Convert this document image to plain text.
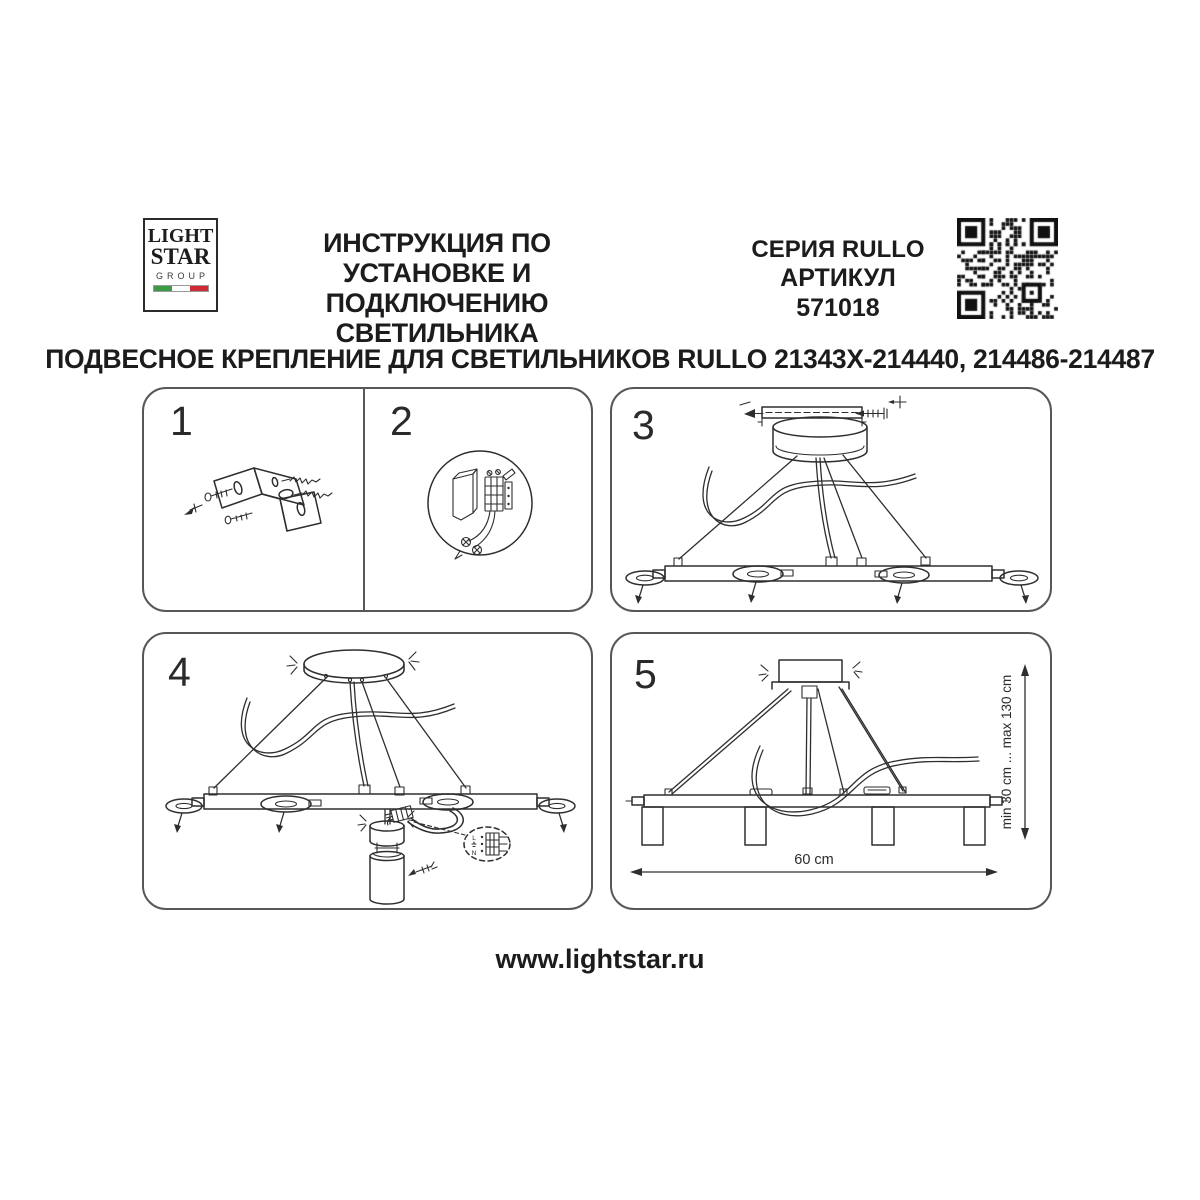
LIGHT
STAR
GROUP
ИНСТРУКЦИЯ ПО УСТАНОВКЕ И
ПОДКЛЮЧЕНИЮ СВЕТИЛЬНИКА
СЕРИЯ RULLO
АРТИКУЛ 571018
ПОДВЕСНОЕ КРЕПЛЕНИЕ ДЛЯ СВЕТИЛЬНИКОВ RULLO 21343X-214440, 214486-214487
1	2	3
4
L
N
5
60 cm
min 30 cm ... max 130 cm
www.lightstar.ru
